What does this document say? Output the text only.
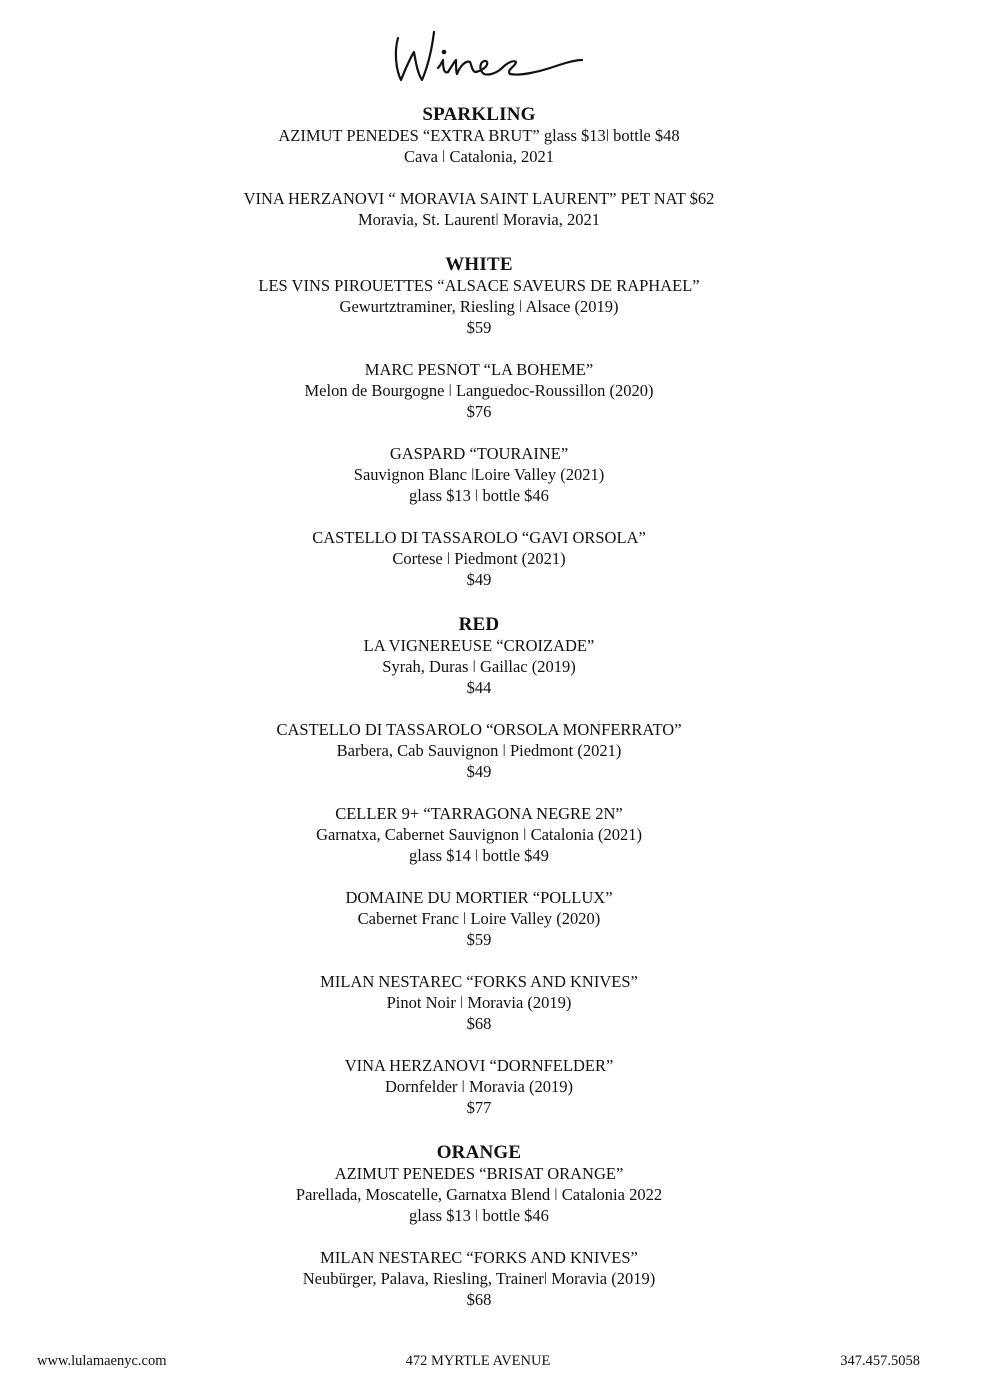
SPARKLING
AZIMUT PENEDES “EXTRA BRUT” glass $13ǀ bottle $48
Cava ǀ Catalonia, 2021
VINA HERZANOVI “ MORAVIA SAINT LAURENT” PET NAT $62
Moravia, St. Laurentǀ Moravia, 2021
WHITE
LES VINS PIROUETTES “ALSACE SAVEURS DE RAPHAEL”
Gewurtztraminer, Riesling ǀ Alsace (2019)
$59
MARC PESNOT “LA BOHEME”
Melon de Bourgogne ǀ Languedoc-Roussillon (2020)
$76
GASPARD “TOURAINE”
Sauvignon Blanc ǀLoire Valley (2021)
glass $13 ǀ bottle $46
CASTELLO DI TASSAROLO “GAVI ORSOLA”
Cortese ǀ Piedmont (2021)
$49
RED
LA VIGNEREUSE “CROIZADE”
Syrah, Duras ǀ Gaillac (2019)
$44
CASTELLO DI TASSAROLO “ORSOLA MONFERRATO”
Barbera, Cab Sauvignon ǀ Piedmont (2021)
$49
CELLER 9+ “TARRAGONA NEGRE 2N”
Garnatxa, Cabernet Sauvignon ǀ Catalonia (2021)
glass $14 ǀ bottle $49
DOMAINE DU MORTIER “POLLUX”
Cabernet Franc ǀ Loire Valley (2020)
$59
MILAN NESTAREC “FORKS AND KNIVES”
Pinot Noir ǀ Moravia (2019)
$68
VINA HERZANOVI “DORNFELDER”
Dornfelder ǀ Moravia (2019)
$77
ORANGE
AZIMUT PENEDES “BRISAT ORANGE”
Parellada, Moscatelle, Garnatxa Blend ǀ Catalonia 2022
glass $13 ǀ bottle $46
MILAN NESTAREC “FORKS AND KNIVES”
Neubürger, Palava, Riesling, Trainerǀ Moravia (2019)
$68
www.lulamaenyc.com	472 MYRTLE AVENUE	347.457.5058
